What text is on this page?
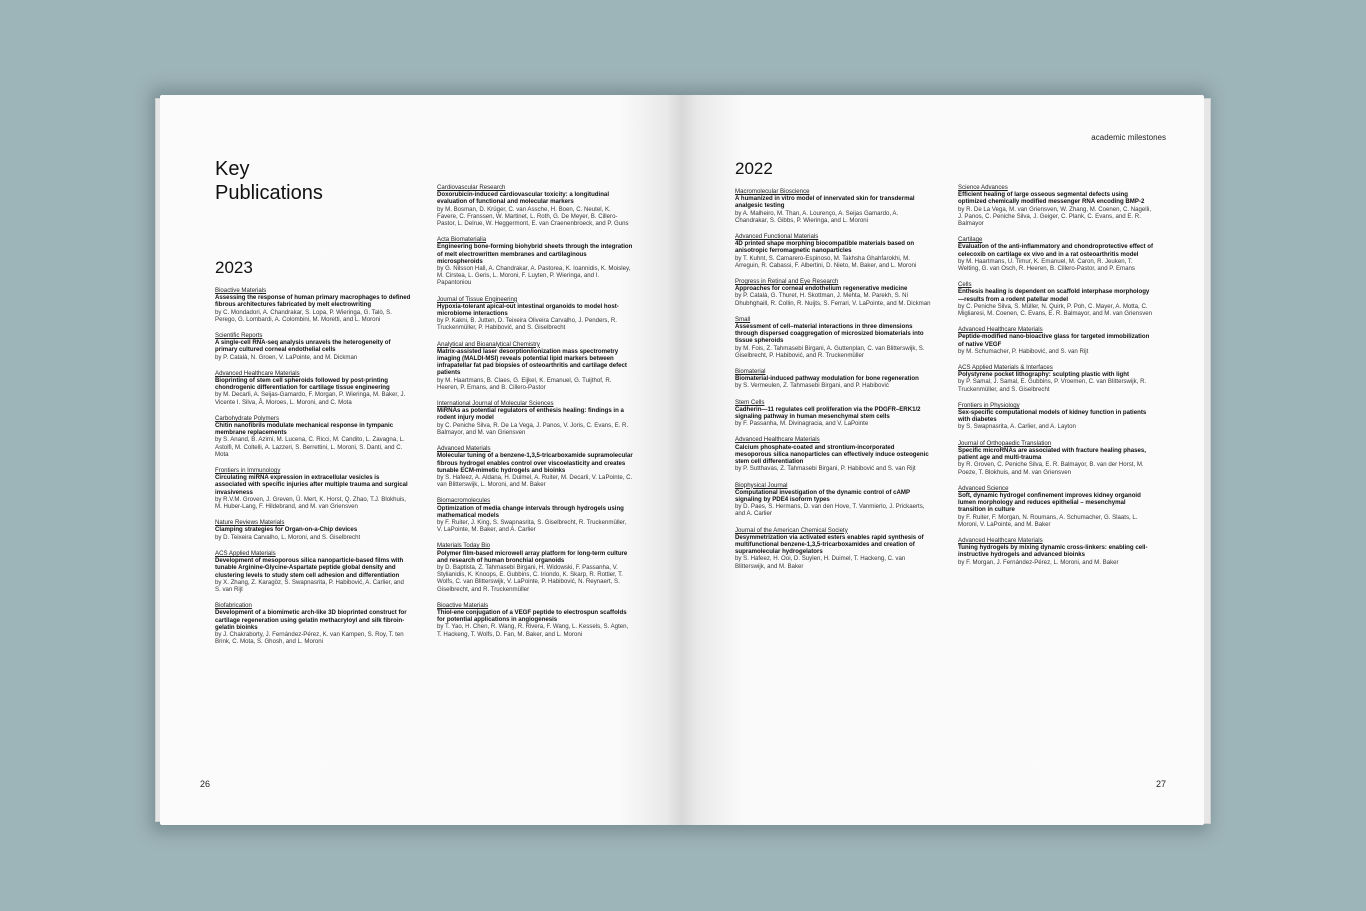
Key
Publications
2023
Bioactive Materials
Assessing the response of human primary macrophages to defined fibrous architectures fabricated by melt electrowriting
by C. Mondadori, A. Chandrakar, S. Lopa, P. Wieringa, G. Talò, S. Perego, G. Lombardi, A. Colombini, M. Moretti, and L. Moroni
Scientific Reports
A single-cell RNA-seq analysis unravels the heterogeneity of primary cultured corneal endothelial cells
by P. Català, N. Groen, V. LaPointe, and M. Dickman
Advanced Healthcare Materials
Bioprinting of stem cell spheroids followed by post-printing chondrogenic differentiation for cartilage tissue engineering
by M. Decarli, A. Seijas-Gamardo, F. Morgan, P. Wieringa, M. Baker, J. Vicente I. Silva, Â. Moroes, L. Moroni, and C. Mota
Carbohydrate Polymers
Chitin nanofibrils modulate mechanical response in tympanic membrane replacements
by S. Anand, B. Azimi, M. Lucena, C. Ricci, M. Candito, L. Zavagna, L. Astolfi, M. Coltelli, A. Lazzeri, S. Berrettini, L. Moroni, S. Danti, and C. Mota
Frontiers in Immunology
Circulating miRNA expression in extracellular vesicles is associated with specific injuries after multiple trauma and surgical invasiveness
by R.V.M. Groven, J. Greven, Ü. Mert, K. Horst, Q. Zhao, T.J. Blokhuis, M. Huber-Lang, F. Hildebrand, and M. van Griensven
Nature Reviews Materials
Clamping strategies for Organ-on-a-Chip devices
by D. Teixeira Carvalho, L. Moroni, and S. Giselbrecht
ACS Applied Materials
Development of mesoporous silica nanoparticle-based films with tunable Arginine-Glycine-Aspartate peptide global density and clustering levels to study stem cell adhesion and differentiation
by X. Zhang, Z. Karagöz, S. Swapnasrita, P. Habibović, A. Carlier, and S. van Rijt
Biofabrication
Development of a biomimetic arch-like 3D bioprinted construct for cartilage regeneration using gelatin methacryloyl and silk fibroin-gelatin bioinks
by J. Chakraborty, J. Fernández-Pérez, K. van Kampen, S. Roy, T. ten Brink, C. Mota, S. Ghosh, and L. Moroni
Cardiovascular Research
Doxorubicin-induced cardiovascular toxicity: a longitudinal evaluation of functional and molecular markers
by M. Bosman, D. Krüger, C. van Assche, H. Boen, C. Neutel, K. Favere, C. Franssen, W. Martinet, L. Roth, G. De Meyer, B. Cillero-Pastor, L. Delrue, W. Heggermont, E. van Craenenbroeck, and P. Guns
Acta Biomaterialia
Engineering bone-forming biohybrid sheets through the integration of melt electrowritten membranes and cartilaginous microspheroids
by G. Nilsson Hall, A. Chandrakar, A. Pastorea, K. Ioannidis, K. Moisley, M. Cirstea, L. Geris, L. Moroni, F. Luyten, P. Wieringa, and I. Papantoniou
Journal of Tissue Engineering
Hypoxia-tolerant apical-out intestinal organoids to model host-microbiome interactions
by P. Kakni, B. Jutten, D. Teixeira Oliveira Carvalho, J. Penders, R. Truckenmüller, P. Habibović, and S. Giselbrecht
Analytical and Bioanalytical Chemistry
Matrix-assisted laser desorption/ionization mass spectrometry imaging (MALDI-MSI) reveals potential lipid markers between infrapatellar fat pad biopsies of osteoarthritis and cartilage defect patients
by M. Haartmans, B. Claes, G. Eijkel, K. Emanuel, G. Tuijthof, R. Heeren, P. Emans, and B. Cillero-Pastor
International Journal of Molecular Sciences
MiRNAs as potential regulators of enthesis healing: findings in a rodent injury model
by C. Peniche Silva, R. De La Vega, J. Panos, V. Joris, C. Evans, E. R. Balmayor, and M. van Griensven
Advanced Materials
Molecular tuning of a benzene-1,3,5-tricarboxamide supramolecular fibrous hydrogel enables control over viscoelasticity and creates tunable ECM-mimetic hydrogels and bioinks
by S. Hafeez, A. Aldana, H. Duimel, A. Ruiter, M. Decarli, V. LaPointe, C. van Blitterswijk, L. Moroni, and M. Baker
Biomacromolecules
Optimization of media change intervals through hydrogels using mathematical models
by F. Ruiter, J. King, S. Swapnasrita, S. Giselbrecht, R. Truckenmüller, V. LaPointe, M. Baker, and A. Carlier
Materials Today Bio
Polymer film-based microwell array platform for long-term culture and research of human bronchial organoids
by D. Baptista, Z. Tahmasebi Birgani, H. Widowski, F. Passanha, V. Stylianidis, K. Knoops, E. Gubbins, C. Iriondo, K. Skarp, R. Rottier, T. Wolfs, C. van Blitterswijk, V. LaPointe, P. Habibović, N. Reynaert, S. Giselbrecht, and R. Truckenmüller
Bioactive Materials
Thiol-ene conjugation of a VEGF peptide to electrospun scaffolds for potential applications in angiogenesis
by T. Yao, H. Chen, R. Wang, R. Rivera, F. Wang, L. Kessels, S. Agten, T. Hackeng, T. Wolfs, D. Fan, M. Baker, and L. Moroni
26
academic milestones
2022
Macromolecular Bioscience
A humanized in vitro model of innervated skin for transdermal analgesic testing
by A. Malheiro, M. Than, A. Lourenço, A. Seijas Gamardo, A. Chandrakar, S. Gibbs, P. Wieringa, and L. Moroni
Advanced Functional Materials
4D printed shape morphing biocompatible materials based on anisotropic ferromagnetic nanoparticles
by T. Kuhnt, S. Camarero-Espinoso, M. Takhsha Ghahfarokhi, M. Arreguin, R. Cabassi, F. Albertini, D. Nieto, M. Baker, and L. Moroni
Progress in Retinal and Eye Research
Approaches for corneal endothelium regenerative medicine
by P. Català, G. Thuret, H. Skottman, J. Mehta, M. Parekh, S. Ní Dhubhghaill, R. Collin, R. Nuijts, S. Ferrari, V. LaPointe, and M. Dickman
Small
Assessment of cell–material interactions in three dimensions through dispersed coaggregation of microsized biomaterials into tissue spheroids
by M. Fois, Z. Tahmasebi Birgani, A. Guttenplan, C. van Blitterswijk, S. Giselbrecht, P. Habibović, and R. Truckenmüller
Biomaterial
Biomaterial-induced pathway modulation for bone regeneration
by S. Vermeulen, Z. Tahmasebi Birgani, and P. Habibović
Stem Cells
Cadherin—11 regulates cell proliferation via the PDGFR–ERK1/2 signaling pathway in human mesenchymal stem cells
by F. Passanha, M. Divinagracia, and V. LaPointe
Advanced Healthcare Materials
Calcium phosphate-coated and strontium-incorporated mesoporous silica nanoparticles can effectively induce osteogenic stem cell differentiation
by P. Sutthavas, Z. Tahmasebi Birgani, P. Habibović and S. van Rijt
Biophysical Journal
Computational investigation of the dynamic control of cAMP signaling by PDE4 isoform types
by D. Paes, S. Hermans, D. van den Hove, T. Vanmierlo, J. Prickaerts, and A. Carlier
Journal of the American Chemical Society
Desymmetrization via activated esters enables rapid synthesis of multifunctional benzene-1,3,5-tricarboxamides and creation of supramolecular hydrogelators
by S. Hafeez, H. Ooi, D. Suylen, H. Duimel, T. Hackeng, C. van Blitterswijk, and M. Baker
Science Advances
Efficient healing of large osseous segmental defects using optimized chemically modified messenger RNA encoding BMP-2
by R. De La Vega, M. van Griensven, W. Zhang, M. Coenen, C. Nagelli, J. Panos, C. Peniche Silva, J. Geiger, C. Plank, C. Evans, and E. R. Balmayor
Cartilage
Evaluation of the anti-inflammatory and chondroprotective effect of celecoxib on cartilage ex vivo and in a rat osteoarthritis model
by M. Haartmans, U. Timur, K. Emanuel, M. Caron, R. Jeuken, T. Welting, G. van Osch, R. Heeren, B. Cillero-Pastor, and P. Emans
Cells
Enthesis healing is dependent on scaffold interphase morphology—results from a rodent patellar model
by C. Peniche Silva, S. Müller, N. Quirk, P. Poh, C. Mayer, A. Motta, C. Migliaresi, M. Coenen, C. Evans, E. R. Balmayor, and M. van Griensven
Advanced Healthcare Materials
Peptide-modified nano-bioactive glass for targeted immobilization of native VEGF
by M. Schumacher, P. Habibović, and S. van Rijt
ACS Applied Materials & Interfaces
Polystyrene pocket lithography: sculpting plastic with light
by P. Samal, J. Samal, E. Gubbins, P. Vroemen, C. van Blitterswijk, R. Truckenmüller, and S. Giselbrecht
Frontiers in Physiology
Sex-specific computational models of kidney function in patients with diabetes
by S. Swapnasrita, A. Carlier, and A. Layton
Journal of Orthopaedic Translation
Specific microRNAs are associated with fracture healing phases, patient age and multi-trauma
by R. Groven, C. Peniche Silva, E. R. Balmayor, B. van der Horst, M. Poeze, T. Blokhuis, and M. van Griensven
Advanced Science
Soft, dynamic hydrogel confinement improves kidney organoid lumen morphology and reduces epithelial – mesenchymal transition in culture
by F. Ruiter, F. Morgan, N. Roumans, A. Schumacher, G. Slaats, L. Moroni, V. LaPointe, and M. Baker
Advanced Healthcare Materials
Tuning hydrogels by mixing dynamic cross-linkers: enabling cell-instructive hydrogels and advanced bioinks
by F. Morgan, J. Fernández-Pérez, L. Moroni, and M. Baker
27
